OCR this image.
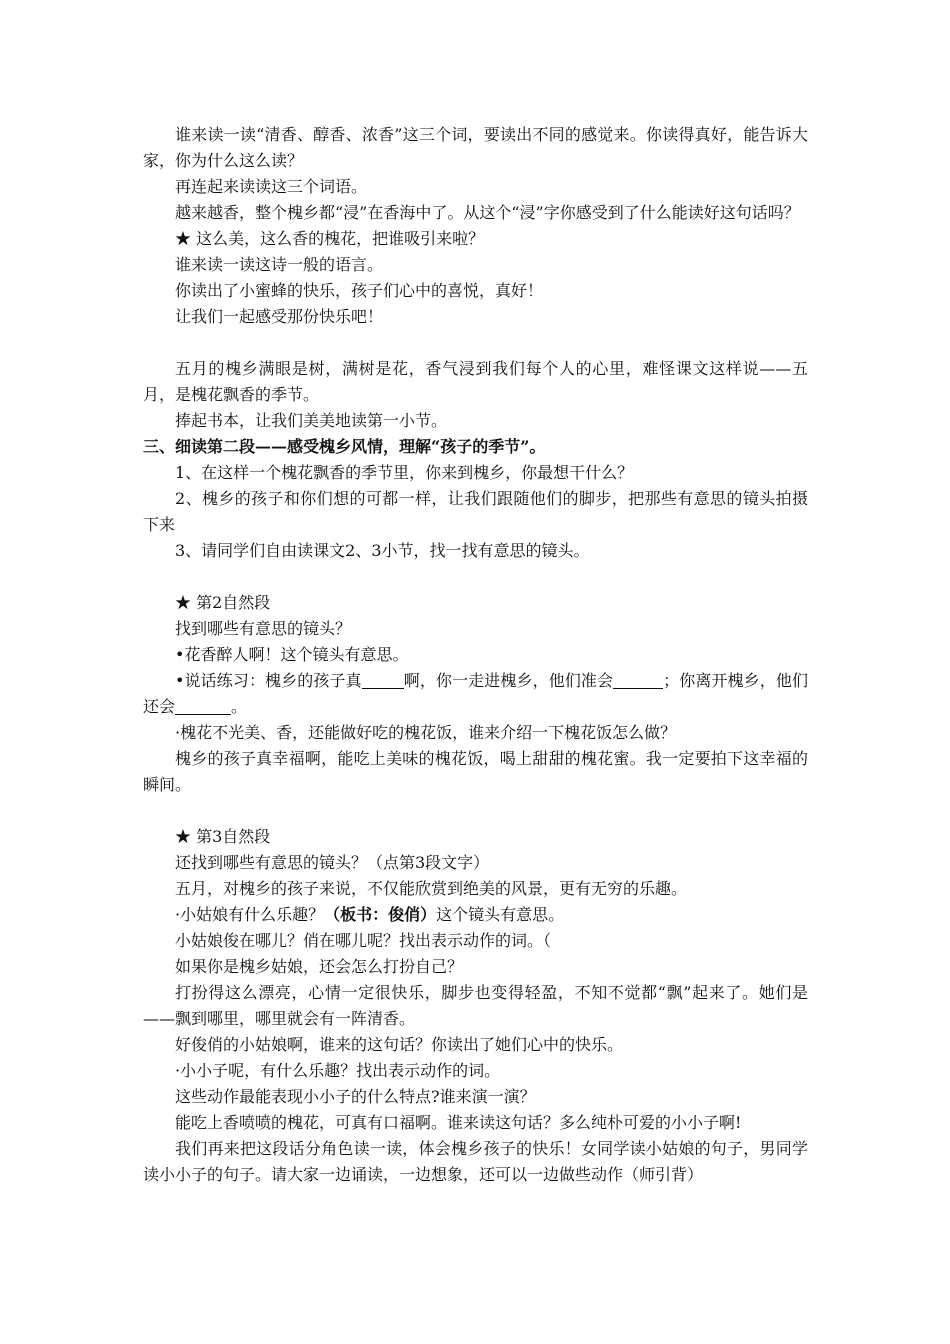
谁来读一读“清香、醇香、浓香”这三个词，要读出不同的感觉来。你读得真好，能告诉大家，你为什么这么读？

再连起来读读这三个词语。

越来越香，整个槐乡都“浸”在香海中了。从这个“浸”字你感受到了什么能读好这句话吗？

★ 这么美，这么香的槐花，把谁吸引来啦？

谁来读一读这诗一般的语言。

你读出了小蜜蜂的快乐，孩子们心中的喜悦，真好！

让我们一起感受那份快乐吧！

五月的槐乡满眼是树，满树是花，香气浸到我们每个人的心里，难怪课文这样说——五月，是槐花飘香的季节。

捧起书本，让我们美美地读第一小节。

三、细读第二段——感受槐乡风情，理解“孩子的季节”。

1、在这样一个槐花飘香的季节里，你来到槐乡，你最想干什么？

2、槐乡的孩子和你们想的可都一样，让我们跟随他们的脚步，把那些有意思的镜头拍摄下来

3、请同学们自由读课文2、3小节，找一找有意思的镜头。

★ 第2自然段

找到哪些有意思的镜头？

•花香醉人啊！这个镜头有意思。

•说话练习：槐乡的孩子真	啊，你一走进槐乡，他们准会	；你离开槐乡，他们还会	。

·槐花不光美、香，还能做好吃的槐花饭，谁来介绍一下槐花饭怎么做？

槐乡的孩子真幸福啊，能吃上美味的槐花饭，喝上甜甜的槐花蜜。我一定要拍下这幸福的瞬间。

★ 第3自然段

还找到哪些有意思的镜头？（点第3段文字）

五月，对槐乡的孩子来说，不仅能欣赏到绝美的风景，更有无穷的乐趣。

·小姑娘有什么乐趣？（板书：俊俏）这个镜头有意思。

小姑娘俊在哪儿？俏在哪儿呢？找出表示动作的词。（

如果你是槐乡姑娘，还会怎么打扮自己？

打扮得这么漂亮，心情一定很快乐，脚步也变得轻盈，不知不觉都“飘”起来了。她们是——飘到哪里，哪里就会有一阵清香。

好俊俏的小姑娘啊，谁来的这句话？你读出了她们心中的快乐。

·小小子呢，有什么乐趣？找出表示动作的词。

这些动作最能表现小小子的什么特点?谁来演一演？

能吃上香喷喷的槐花，可真有口福啊。谁来读这句话？多么纯朴可爱的小小子啊!

我们再来把这段话分角色读一读，体会槐乡孩子的快乐！女同学读小姑娘的句子，男同学读小小子的句子。请大家一边诵读，一边想象，还可以一边做些动作（师引背）
